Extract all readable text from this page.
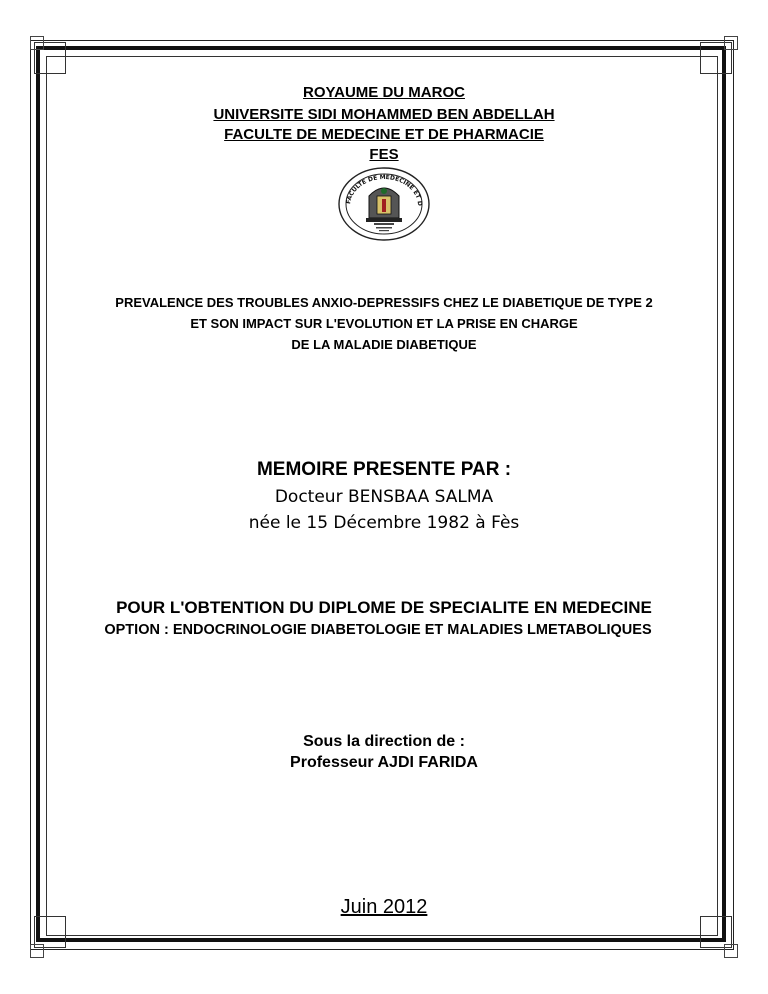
ROYAUME DU MAROC
UNIVERSITE SIDI MOHAMMED BEN ABDELLAH
FACULTE DE MEDECINE ET DE PHARMACIE
FES
FACULTE DE MEDECINE ET D
PREVALENCE DES TROUBLES ANXIO-DEPRESSIFS CHEZ LE DIABETIQUE DE TYPE 2
ET SON IMPACT SUR L'EVOLUTION ET LA PRISE EN CHARGE
DE LA MALADIE DIABETIQUE
MEMOIRE PRESENTE PAR :
Docteur BENSBAA SALMA
née le 15 Décembre 1982 à Fès
POUR L'OBTENTION DU DIPLOME DE SPECIALITE EN MEDECINE
OPTION : ENDOCRINOLOGIE DIABETOLOGIE ET MALADIES LMETABOLIQUES
Sous la direction de :
Professeur AJDI FARIDA
Juin 2012
